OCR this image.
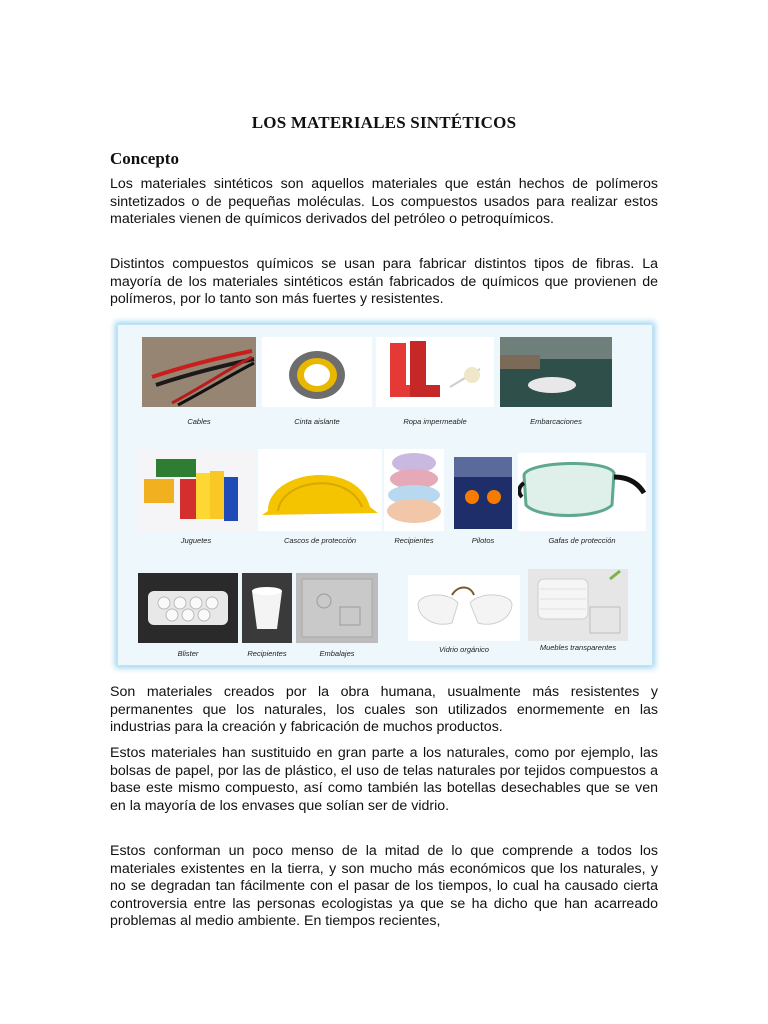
LOS MATERIALES SINTÉTICOS
Concepto

Los materiales sintéticos son aquellos materiales que están hechos de polímeros sintetizados o de pequeñas moléculas. Los compuestos usados para realizar estos materiales vienen de químicos derivados del petróleo o petroquímicos.

Distintos compuestos químicos se usan para fabricar distintos tipos de fibras. La mayoría de los materiales sintéticos están fabricados de químicos que provienen de polímeros, por lo tanto son más fuertes y resistentes.

Cables	Cinta aislante	Ropa impermeable	Embarcaciones
Juguetes	Cascos de protección	Recipientes	Pilotos	Gafas de protección
Blister	Recipientes	Embalajes	Vidrio orgánico	Muebles transparentes

Son materiales creados por la obra humana, usualmente más resistentes y permanentes que los naturales, los cuales son utilizados enormemente en las industrias para la creación y fabricación de muchos productos.

Estos materiales han sustituido en gran parte a los naturales, como por ejemplo, las bolsas de papel, por las de plástico, el uso de telas naturales por tejidos compuestos a base este mismo compuesto, así como también las botellas desechables que se ven en la mayoría de los envases que solían ser de vidrio.

Estos conforman un poco menso de la mitad de lo que comprende a todos los materiales existentes en la tierra, y son mucho más económicos que los naturales, y no se degradan tan fácilmente con el pasar de los tiempos, lo cual ha causado cierta controversia entre las personas ecologistas ya que se ha dicho que han acarreado problemas al medio ambiente. En tiempos recientes,
